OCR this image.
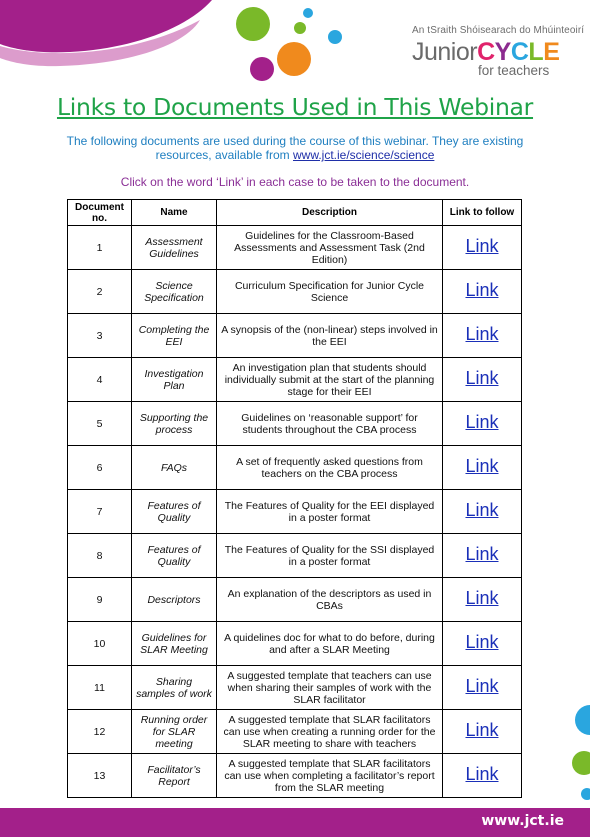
An tSraith Shóisearach do Mhúinteoirí
JuniorCYCLE
for teachers
Links to Documents Used in This Webinar
The following documents are used during the course of this webinar. They are existing resources, available from www.jct.ie/science/science
Click on the word ‘Link’ in each case to be taken to the document.
Document no.	Name	Description	Link to follow
1	Assessment Guidelines	Guidelines for the Classroom-Based Assessments and Assessment Task (2nd Edition)	Link
2	Science Specification	Curriculum Specification for Junior Cycle Science	Link
3	Completing the EEI	A synopsis of the (non-linear) steps involved in the EEI	Link
4	Investigation Plan	An investigation plan that students should individually submit at the start of the planning stage for their EEI	Link
5	Supporting the process	Guidelines on ‘reasonable support’ for students throughout the CBA process	Link
6	FAQs	A set of frequently asked questions from teachers on the CBA process	Link
7	Features of Quality	The Features of Quality for the EEI displayed in a poster format	Link
8	Features of Quality	The Features of Quality for the SSI displayed in a poster format	Link
9	Descriptors	An explanation of the descriptors as used in CBAs	Link
10	Guidelines for SLAR Meeting	A quidelines doc for what to do before, during and after a SLAR Meeting	Link
11	Sharing samples of work	A suggested template that teachers can use when sharing their samples of work with the SLAR facilitator	Link
12	Running order for SLAR meeting	A suggested template that SLAR facilitators can use when creating a running order for the SLAR meeting to share with teachers	Link
13	Facilitator’s Report	A suggested template that SLAR facilitators can use when completing a facilitator’s report from the SLAR meeting	Link
www.jct.ie
